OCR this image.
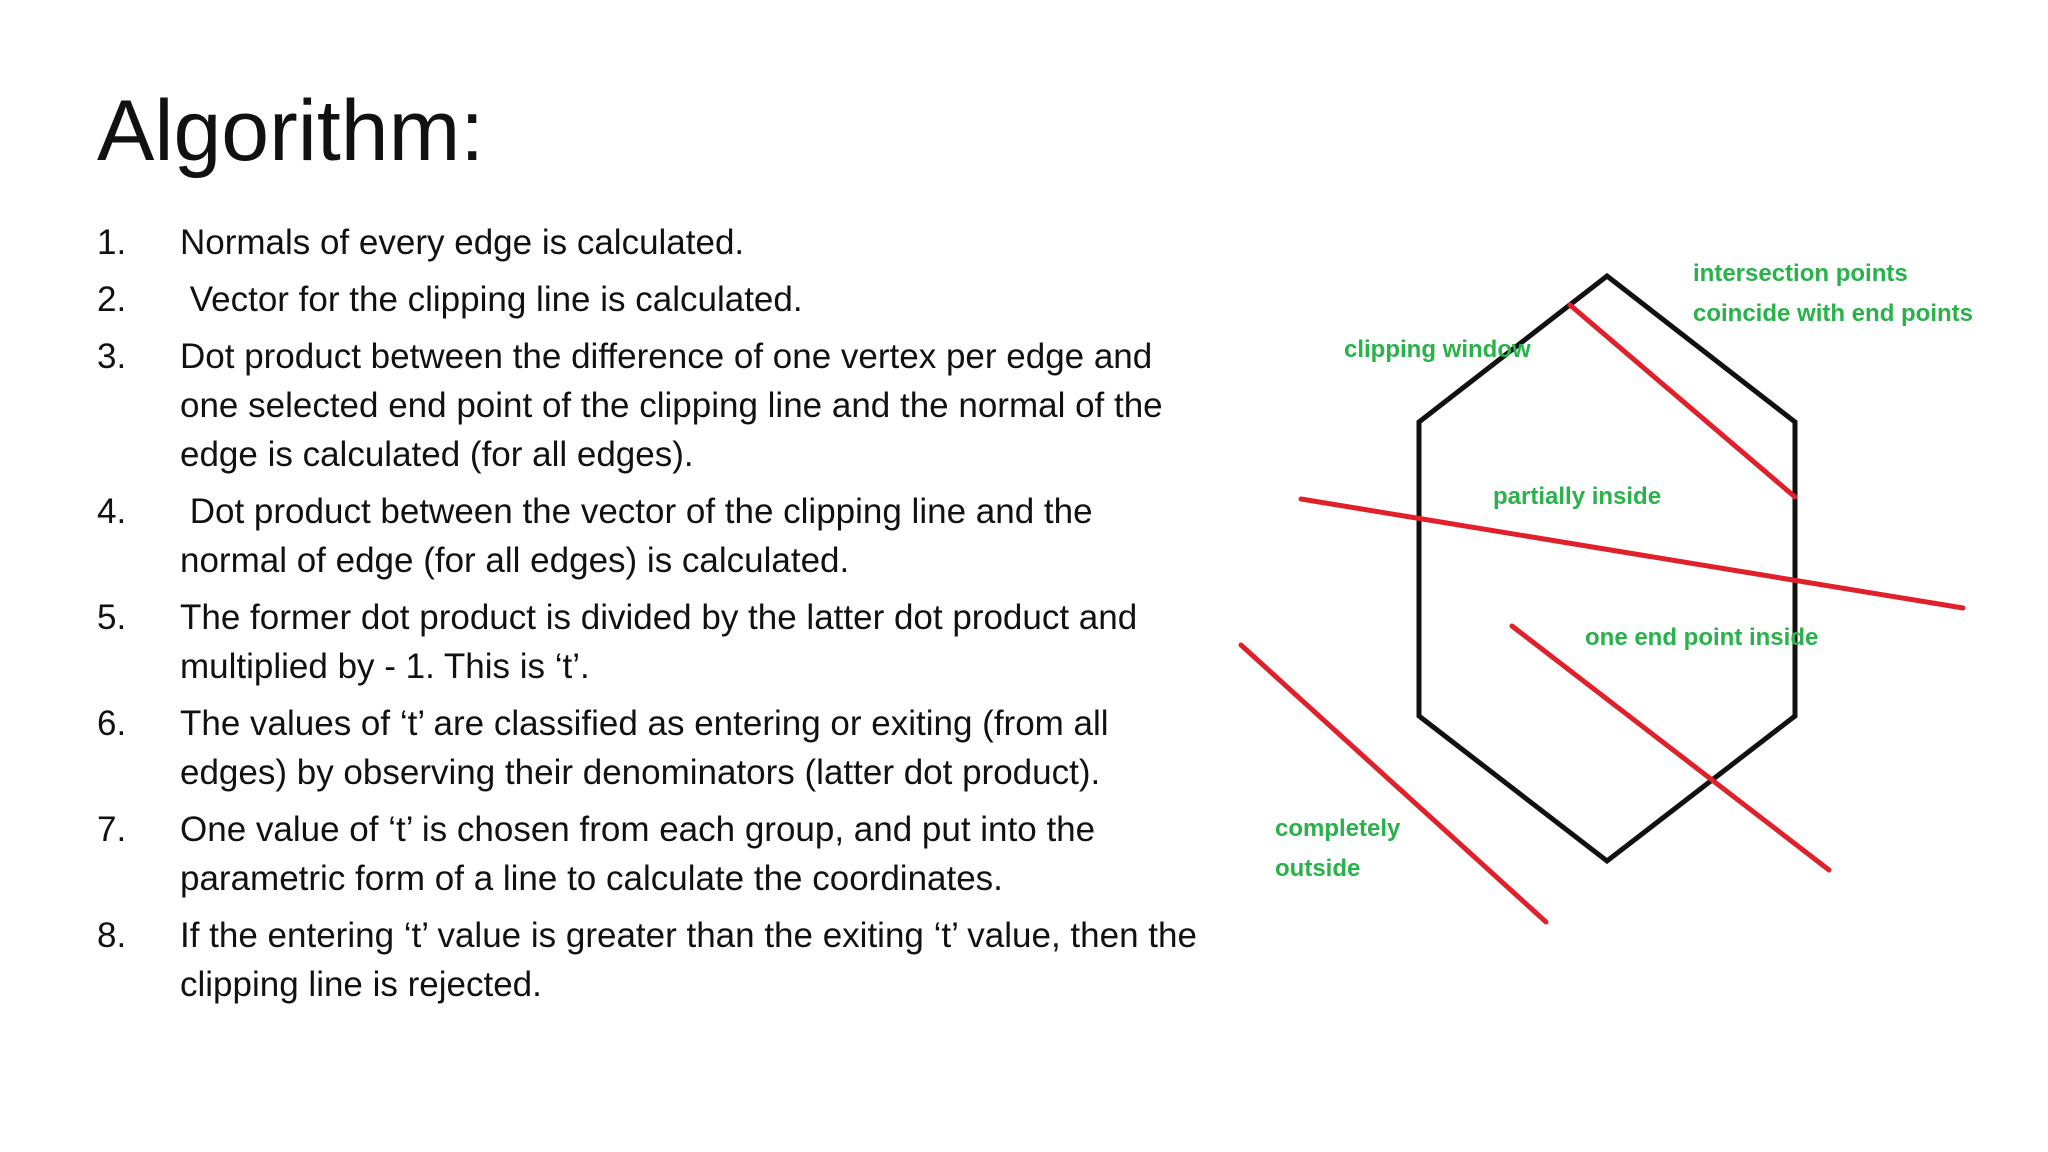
Algorithm:
1.	Normals of every edge is calculated.
2.	Vector for the clipping line is calculated.
3.	Dot product between the difference of one vertex per edge and one selected end point of the clipping line and the normal of the edge is calculated (for all edges).
4.	Dot product between the vector of the clipping line and the normal of edge (for all edges) is calculated.
5.	The former dot product is divided by the latter dot product and multiplied by - 1. This is ‘t’.
6.	The values of ‘t’ are classified as entering or exiting (from all edges) by observing their denominators (latter dot product).
7.	One value of ‘t’ is chosen from each group, and put into the parametric form of a line to calculate the coordinates.
8.	If the entering ‘t’ value is greater than the exiting ‘t’ value, then the clipping line is rejected.
clipping window
intersection points
coincide with end points
partially inside
one end point inside
completely
outside
